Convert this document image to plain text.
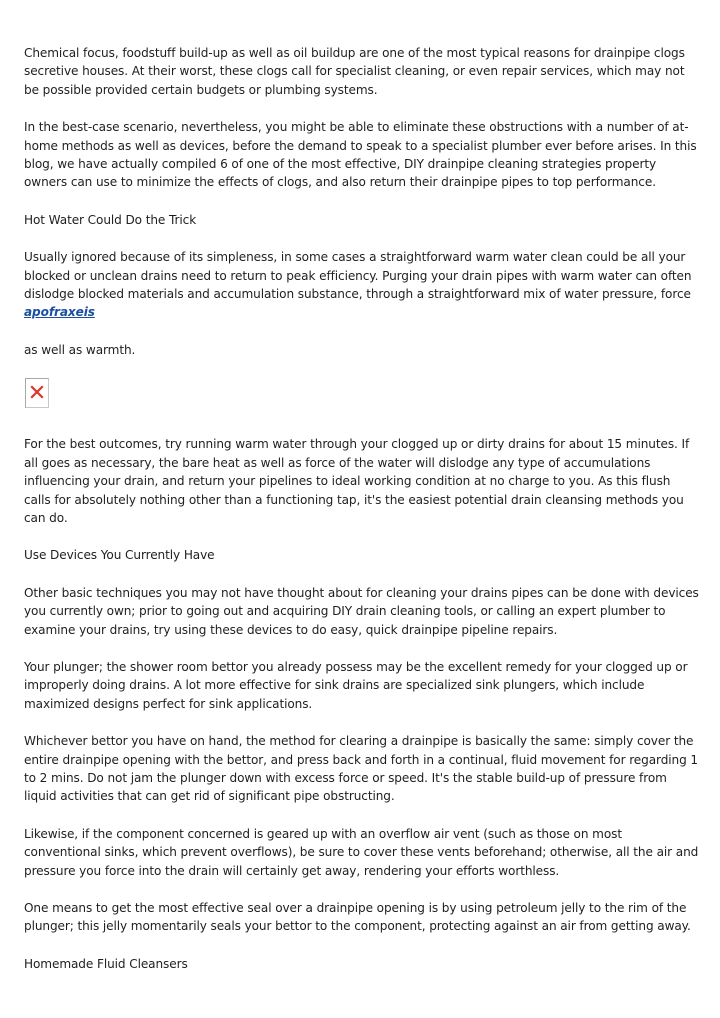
Chemical focus, foodstuff build-up as well as oil buildup are one of the most typical reasons for drainpipe clogs secretive houses. At their worst, these clogs call for specialist cleaning, or even repair services, which may not be possible provided certain budgets or plumbing systems.

In the best-case scenario, nevertheless, you might be able to eliminate these obstructions with a number of at-home methods as well as devices, before the demand to speak to a specialist plumber ever before arises. In this blog, we have actually compiled 6 of one of the most effective, DIY drainpipe cleaning strategies property owners can use to minimize the effects of clogs, and also return their drainpipe pipes to top performance.

Hot Water Could Do the Trick

Usually ignored because of its simpleness, in some cases a straightforward warm water clean could be all your blocked or unclean drains need to return to peak efficiency. Purging your drain pipes with warm water can often dislodge blocked materials and accumulation substance, through a straightforward mix of water pressure, force
apofraxeis

as well as warmth.

For the best outcomes, try running warm water through your clogged up or dirty drains for about 15 minutes. If all goes as necessary, the bare heat as well as force of the water will dislodge any type of accumulations influencing your drain, and return your pipelines to ideal working condition at no charge to you. As this flush calls for absolutely nothing other than a functioning tap, it's the easiest potential drain cleansing methods you can do.

Use Devices You Currently Have

Other basic techniques you may not have thought about for cleaning your drains pipes can be done with devices you currently own; prior to going out and acquiring DIY drain cleaning tools, or calling an expert plumber to examine your drains, try using these devices to do easy, quick drainpipe pipeline repairs.

Your plunger; the shower room bettor you already possess may be the excellent remedy for your clogged up or improperly doing drains. A lot more effective for sink drains are specialized sink plungers, which include maximized designs perfect for sink applications.

Whichever bettor you have on hand, the method for clearing a drainpipe is basically the same: simply cover the entire drainpipe opening with the bettor, and press back and forth in a continual, fluid movement for regarding 1 to 2 mins. Do not jam the plunger down with excess force or speed. It's the stable build-up of pressure from liquid activities that can get rid of significant pipe obstructing.

Likewise, if the component concerned is geared up with an overflow air vent (such as those on most conventional sinks, which prevent overflows), be sure to cover these vents beforehand; otherwise, all the air and pressure you force into the drain will certainly get away, rendering your efforts worthless.

One means to get the most effective seal over a drainpipe opening is by using petroleum jelly to the rim of the plunger; this jelly momentarily seals your bettor to the component, protecting against an air from getting away.

Homemade Fluid Cleansers
